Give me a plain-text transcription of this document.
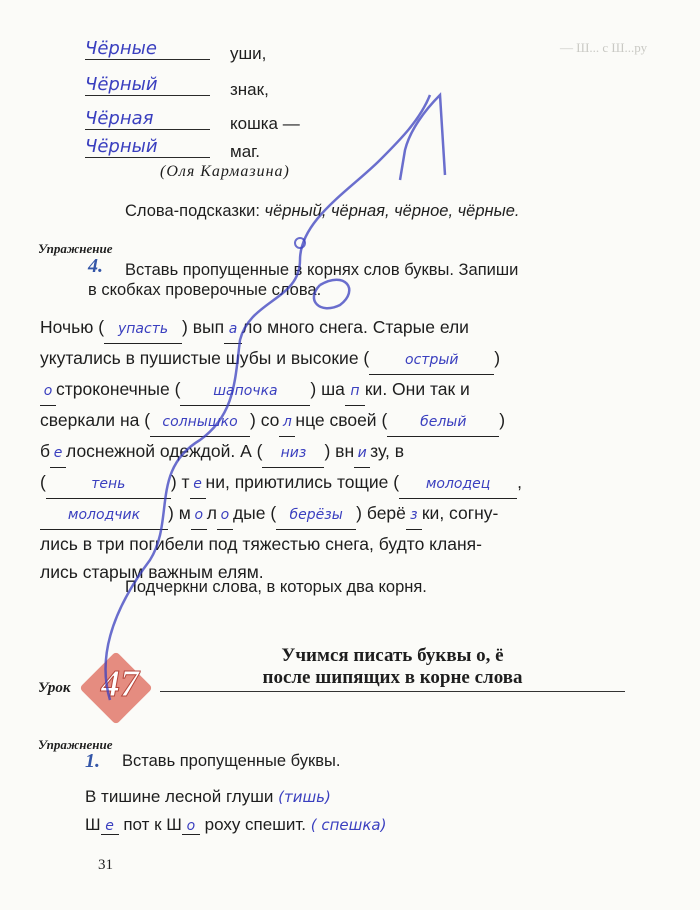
— Ш... с Ш...ру
Чёрные	уши,
Чёрный	знак,
Чёрная	кошка —
Чёрный	маг.
(Оля Кармазина)
Слова-подсказки: чёрный, чёрная, чёрное, чёрные.
Упражнение
4. Вставь пропущенные в корнях слов буквы. Запиши
в скобках проверочные слова.
Ночью ( упасть ) вып а ло много снега. Старые ели
укутались в пушистые шубы и высокие (	острый )
о строконечные ( шапочка ) ша п ки. Они так и
сверкали на ( солнышко ) со л нце своей ( белый )
б е лоснежной одеждой. А ( низ ) вн и зу, в
(	тень	) т е ни, приютились тощие ( молодец ,
молодчик ) м о л о дые ( берёзы ) берё з ки, согну-
лись в три погибели под тяжестью снега, будто кланя-
лись старым важным елям.
Подчеркни слова, в которых два корня.
Урок 47
Учимся писать буквы о, ё
после шипящих в корне слова
Упражнение
1. Вставь пропущенные буквы.
В тишине лесной глуши (тишь)
Ш е пот к Ш о роху спешит. ( спешка)
31
